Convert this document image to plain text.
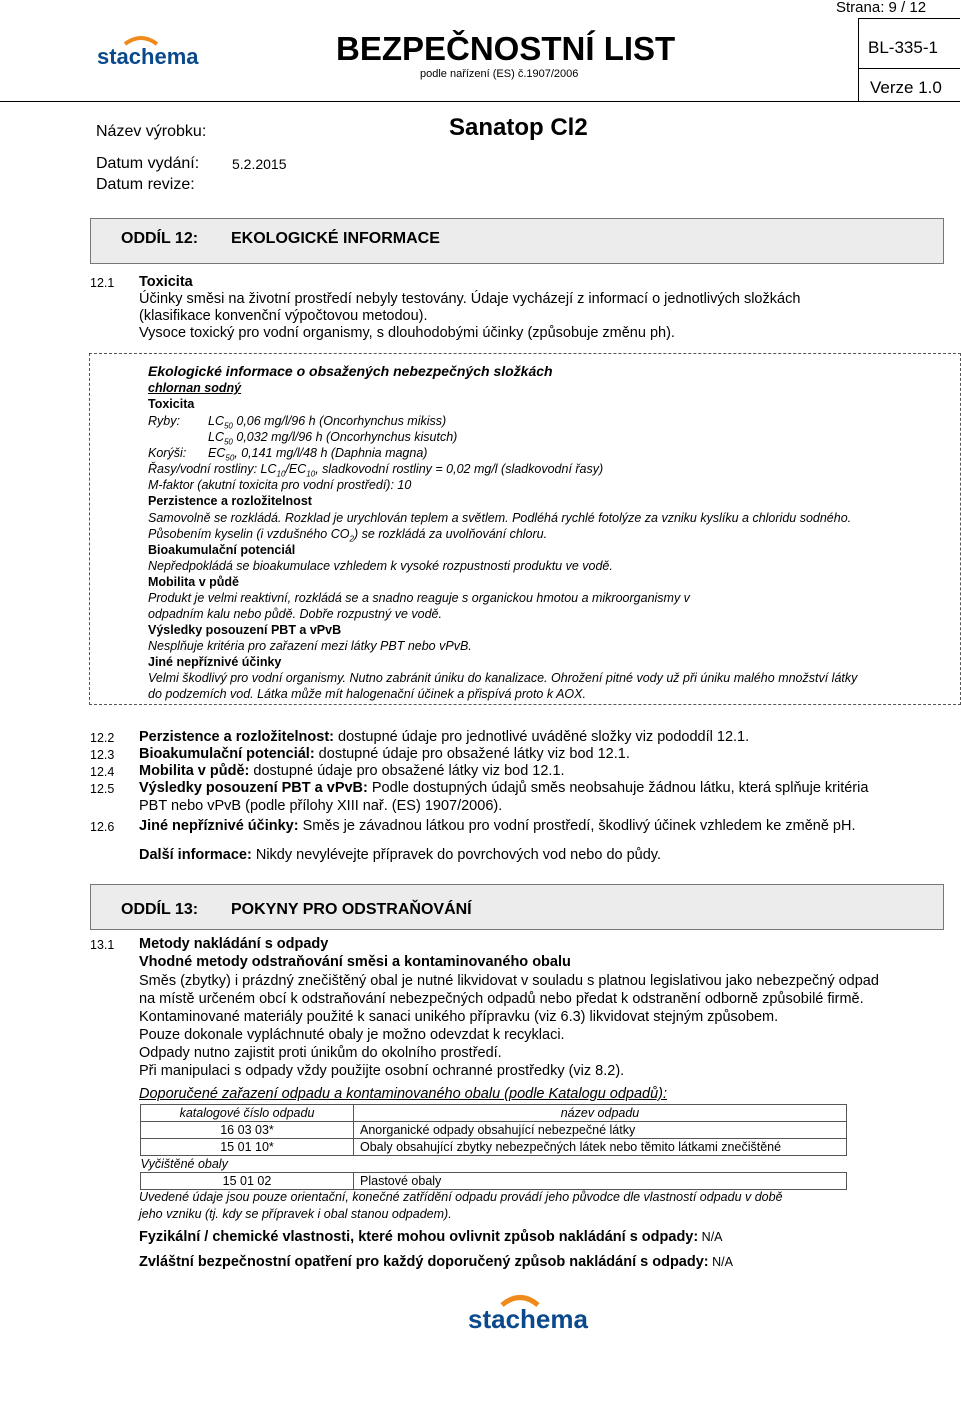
Strana: 9 / 12
stachema	BEZPEČNOSTNÍ LIST
podle nařízení (ES) č.1907/2006
BL-335-1
Verze 1.0
Název výrobku:	Sanatop Cl2
Datum vydání: 5.2.2015
Datum revize:
ODDÍL 12: EKOLOGICKÉ INFORMACE
12.1 Toxicita
Účinky směsi na životní prostředí nebyly testovány. Údaje vycházejí z informací o jednotlivých složkách
(klasifikace konvenční výpočtovou metodou).
Vysoce toxický pro vodní organismy, s dlouhodobými účinky (způsobuje změnu ph).
Ekologické informace o obsažených nebezpečných složkách
chlornan sodný
Toxicita
Ryby: $LC_{50}$ 0,06 mg/l/96 h (Oncorhynchus mikiss)
$LC_{50}$ 0,032 mg/l/96 h (Oncorhynchus kisutch)
Korýši: $EC_{50}$, 0,141 mg/l/48 h (Daphnia magna)
Řasy/vodní rostliny: $LC_{10}/EC_{10}$, sladkovodní rostliny = 0,02 mg/l (sladkovodní řasy)
M-faktor (akutní toxicita pro vodní prostředí): 10
Perzistence a rozložitelnost
Samovolně se rozkládá. Rozklad je urychlován teplem a světlem. Podléhá rychlé fotolýze za vzniku kyslíku a chloridu sodného.
Působením kyselin (i vzdušného $CO_2$) se rozkládá za uvolňování chloru.
Bioakumulační potenciál
Nepředpokládá se bioakumulace vzhledem k vysoké rozpustnosti produktu ve vodě.
Mobilita v půdě
Produkt je velmi reaktivní, rozkládá se a snadno reaguje s organickou hmotou a mikroorganismy v
odpadním kalu nebo půdě. Dobře rozpustný ve vodě.
Výsledky posouzení PBT a vPvB
Nesplňuje kritéria pro zařazení mezi látky PBT nebo vPvB.
Jiné nepříznivé účinky
Velmi škodlivý pro vodní organismy. Nutno zabránit úniku do kanalizace. Ohrožení pitné vody už při úniku malého množství látky
do podzemích vod. Látka může mít halogenační účinek a přispívá proto k AOX.
12.2 Perzistence a rozložitelnost: dostupné údaje pro jednotlivé uváděné složky viz pododdíl 12.1.
12.3 Bioakumulační potenciál: dostupné údaje pro obsažené látky viz bod 12.1.
12.4 Mobilita v půdě: dostupné údaje pro obsažené látky viz bod 12.1.
12.5 Výsledky posouzení PBT a vPvB: Podle dostupných údajů směs neobsahuje žádnou látku, která splňuje kritéria
PBT nebo vPvB (podle přílohy XIII nař. (ES) 1907/2006).
12.6 Jiné nepříznivé účinky: Směs je závadnou látkou pro vodní prostředí, škodlivý účinek vzhledem ke změně pH.
Další informace: Nikdy nevylévejte přípravek do povrchových vod nebo do půdy.
ODDÍL 13: POKYNY PRO ODSTRAŇOVÁNÍ
13.1 Metody nakládání s odpady
Vhodné metody odstraňování směsi a kontaminovaného obalu
Směs (zbytky) i prázdný znečištěný obal je nutné likvidovat v souladu s platnou legislativou jako nebezpečný odpad
na místě určeném obcí k odstraňování nebezpečných odpadů nebo předat k odstranění odborně způsobilé firmě.
Kontaminované materiály použité k sanaci unikého přípravku (viz 6.3) likvidovat stejným způsobem.
Pouze dokonale vypláchnuté obaly je možno odevzdat k recyklaci.
Odpady nutno zajistit proti únikům do okolního prostředí.
Při manipulaci s odpady vždy použijte osobní ochranné prostředky (viz 8.2).
Doporučené zařazení odpadu a kontaminovaného obalu (podle Katalogu odpadů):
katalogové číslo odpadu	název odpadu
16 03 03*	Anorganické odpady obsahující nebezpečné látky
15 01 10*	Obaly obsahující zbytky nebezpečných látek nebo těmito látkami znečištěné
Vyčištěné obaly	
15 01 02	Plastové obaly
Uvedené údaje jsou pouze orientační, konečné zatřídění odpadu provádí jeho původce dle vlastností odpadu v době
jeho vzniku (tj. kdy se přípravek i obal stanou odpadem).
Fyzikální / chemické vlastnosti, které mohou ovlivnit způsob nakládání s odpady: N/A
Zvláštní bezpečnostní opatření pro každý doporučený způsob nakládání s odpady: N/A
stachema
